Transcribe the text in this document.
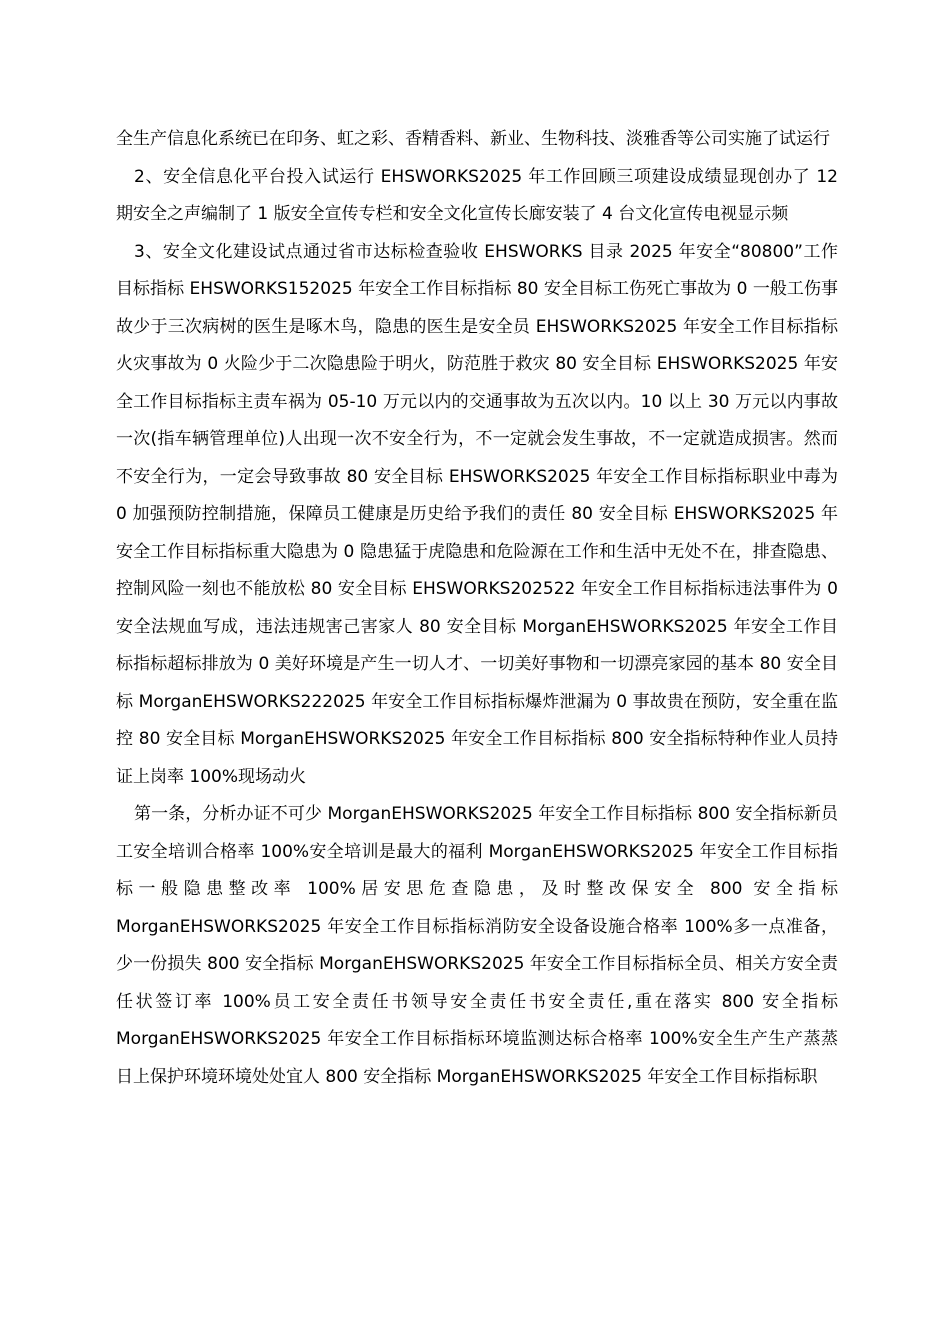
全生产信息化系统已在印务、虹之彩、香精香料、新业、生物科技、淡雅香等公司实施了试运行

2、安全信息化平台投入试运行 EHSWORKS2025 年工作回顾三项建设成绩显现创办了 12 期安全之声编制了 1 版安全宣传专栏和安全文化宣传长廊安装了 4 台文化宣传电视显示频

3、安全文化建设试点通过省市达标检查验收 EHSWORKS 目录 2025 年安全“80800”工作目标指标 EHSWORKS152025 年安全工作目标指标 80 安全目标工伤死亡事故为 0 一般工伤事故少于三次病树的医生是啄木鸟，隐患的医生是安全员 EHSWORKS2025 年安全工作目标指标火灾事故为 0 火险少于二次隐患险于明火，防范胜于救灾 80 安全目标 EHSWORKS2025 年安全工作目标指标主责车祸为 05-10 万元以内的交通事故为五次以内。10 以上 30 万元以内事故一次(指车辆管理单位)人出现一次不安全行为，不一定就会发生事故，不一定就造成损害。然而不安全行为，一定会导致事故 80 安全目标 EHSWORKS2025 年安全工作目标指标职业中毒为 0 加强预防控制措施，保障员工健康是历史给予我们的责任 80 安全目标 EHSWORKS2025 年安全工作目标指标重大隐患为 0 隐患猛于虎隐患和危险源在工作和生活中无处不在，排查隐患、控制风险一刻也不能放松 80 安全目标 EHSWORKS202522 年安全工作目标指标违法事件为 0 安全法规血写成，违法违规害己害家人 80 安全目标 MorganEHSWORKS2025 年安全工作目标指标超标排放为 0 美好环境是产生一切人才、一切美好事物和一切漂亮家园的基本 80 安全目标 MorganEHSWORKS222025 年安全工作目标指标爆炸泄漏为 0 事故贵在预防，安全重在监控 80 安全目标 MorganEHSWORKS2025 年安全工作目标指标 800 安全指标特种作业人员持证上岗率 100%现场动火

第一条，分析办证不可少 MorganEHSWORKS2025 年安全工作目标指标 800 安全指标新员工安全培训合格率 100%安全培训是最大的福利 MorganEHSWORKS2025 年安全工作目标指标一般隐患整改率 100%居安思危查隐患，及时整改保安全 800 安全指标 MorganEHSWORKS2025 年安全工作目标指标消防安全设备设施合格率 100%多一点准备，少一份损失 800 安全指标 MorganEHSWORKS2025 年安全工作目标指标全员、相关方安全责任状签订率 100%员工安全责任书领导安全责任书安全责任,重在落实 800 安全指标 MorganEHSWORKS2025 年安全工作目标指标环境监测达标合格率 100%安全生产生产蒸蒸日上保护环境环境处处宜人 800 安全指标 MorganEHSWORKS2025 年安全工作目标指标职
